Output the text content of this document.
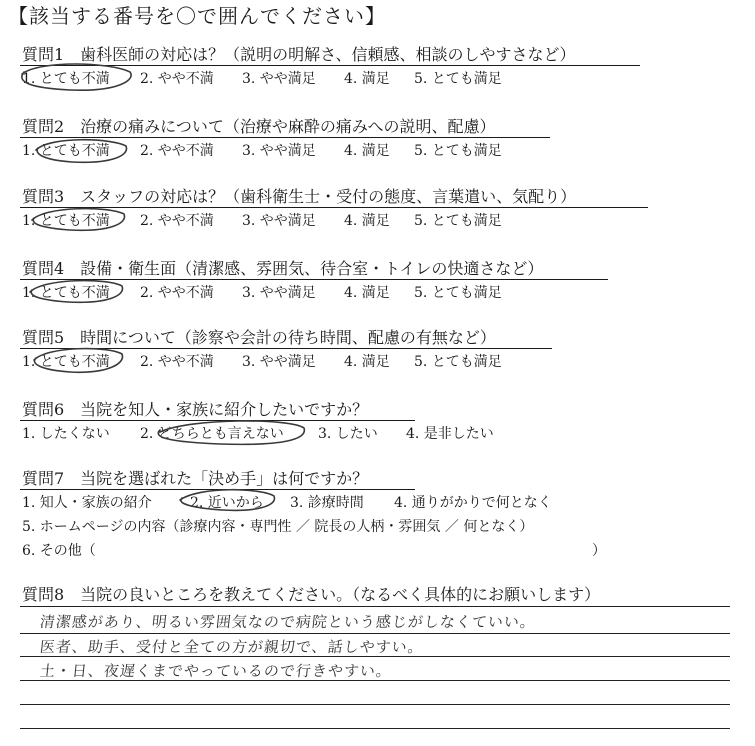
【該当する番号を〇で囲んでください】
質問1　歯科医師の対応は？（説明の明解さ、信頼感、相談のしやすさなど）
1. とても不満	2. やや不満	3. やや満足	4. 満足	5. とても満足
質問2　治療の痛みについて（治療や麻酔の痛みへの説明、配慮）
1. とても不満	2. やや不満	3. やや満足	4. 満足	5. とても満足
質問3　スタッフの対応は？（歯科衛生士・受付の態度、言葉遣い、気配り）
1. とても不満	2. やや不満	3. やや満足	4. 満足	5. とても満足
質問4　設備・衛生面（清潔感、雰囲気、待合室・トイレの快適さなど）
1. とても不満	2. やや不満	3. やや満足	4. 満足	5. とても満足
質問5　時間について（診察や会計の待ち時間、配慮の有無など）
1. とても不満	2. やや不満	3. やや満足	4. 満足	5. とても満足
質問6　当院を知人・家族に紹介したいですか？
1. したくない	2. どちらとも言えない	3. したい	4. 是非したい
質問7　当院を選ばれた「決め手」は何ですか？
1. 知人・家族の紹介	2. 近いから	3. 診療時間	4. 通りがかりで何となく
5. ホームページの内容（診療内容・専門性 ／ 院長の人柄・雰囲気 ／ 何となく）
6. その他（	）
質問8　当院の良いところを教えてください。（なるべく具体的にお願いします）
清潔感があり、明るい雰囲気なので病院という感じがしなくていい。
医者、助手、受付と全ての方が親切で、話しやすい。
土・日、夜遅くまでやっているので行きやすい。
